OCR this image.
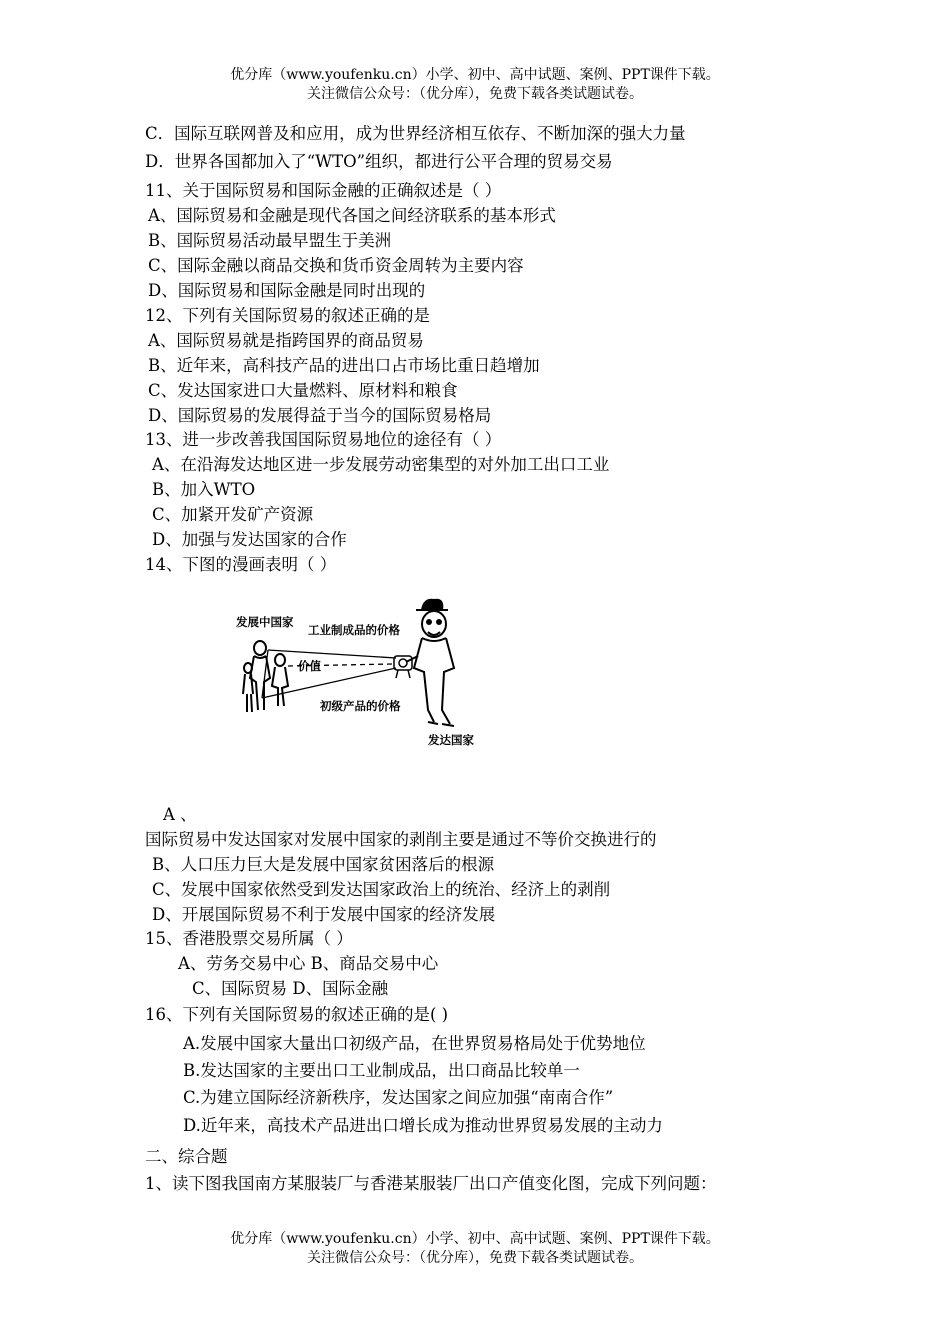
优分库（www.youfenku.cn）小学、初中、高中试题、案例、PPT课件下载。
关注微信公众号：（优分库），免费下载各类试题试卷。
C．国际互联网普及和应用，成为世界经济相互依存、不断加深的强大力量
D．世界各国都加入了“WTO”组织，都进行公平合理的贸易交易
11、关于国际贸易和国际金融的正确叙述是（ ）
A、国际贸易和金融是现代各国之间经济联系的基本形式
B、国际贸易活动最早盟生于美洲
C、国际金融以商品交换和货币资金周转为主要内容
D、国际贸易和国际金融是同时出现的
12、下列有关国际贸易的叙述正确的是
A、国际贸易就是指跨国界的商品贸易
B、近年来，高科技产品的进出口占市场比重日趋增加
C、发达国家进口大量燃料、原材料和粮食
D、国际贸易的发展得益于当今的国际贸易格局
13、进一步改善我国国际贸易地位的途径有（ ）
A、在沿海发达地区进一步发展劳动密集型的对外加工出口工业
B、加入WTO
C、加紧开发矿产资源
D、加强与发达国家的合作
14、下图的漫画表明（ ）
发展中国家
工业制成品的价格
价值
初级产品的价格
发达国家
A 、
国际贸易中发达国家对发展中国家的剥削主要是通过不等价交换进行的
B、人口压力巨大是发展中国家贫困落后的根源
C、发展中国家依然受到发达国家政治上的统治、经济上的剥削
D、开展国际贸易不利于发展中国家的经济发展
15、香港股票交易所属（ ）
A、劳务交易中心 B、商品交易中心
C、国际贸易 D、国际金融
16、下列有关国际贸易的叙述正确的是( )
A.发展中国家大量出口初级产品，在世界贸易格局处于优势地位
B.发达国家的主要出口工业制成品，出口商品比较单一
C.为建立国际经济新秩序，发达国家之间应加强“南南合作”
D.近年来，高技术产品进出口增长成为推动世界贸易发展的主动力
二、综合题
1、读下图我国南方某服装厂与香港某服装厂出口产值变化图，完成下列问题：
优分库（www.youfenku.cn）小学、初中、高中试题、案例、PPT课件下载。
关注微信公众号：（优分库），免费下载各类试题试卷。
